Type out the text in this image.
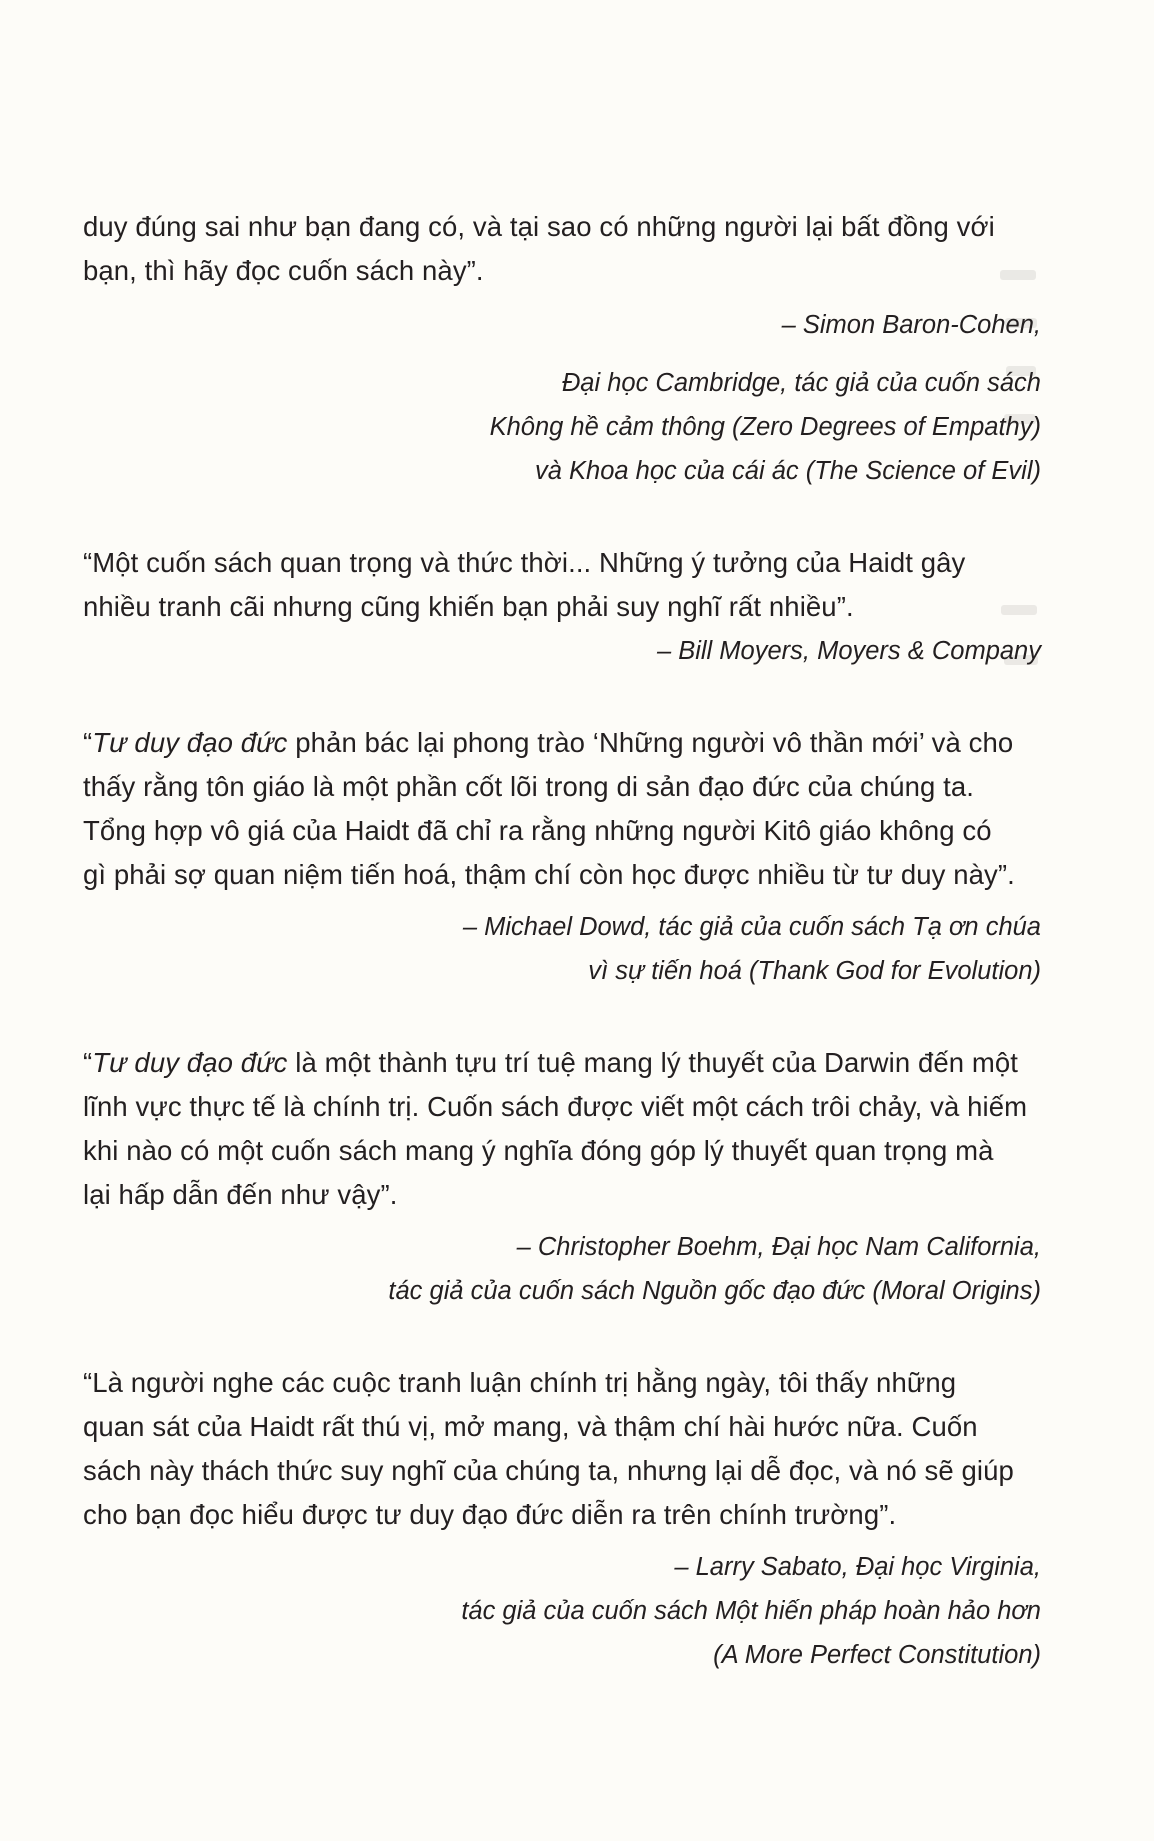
duy đúng sai như bạn đang có, và tại sao có những người lại bất đồng với
bạn, thì hãy đọc cuốn sách này”.
– Simon Baron-Cohen,
Đại học Cambridge, tác giả của cuốn sách
Không hề cảm thông (Zero Degrees of Empathy)
và Khoa học của cái ác (The Science of Evil)
“Một cuốn sách quan trọng và thức thời... Những ý tưởng của Haidt gây
nhiều tranh cãi nhưng cũng khiến bạn phải suy nghĩ rất nhiều”.
– Bill Moyers, Moyers & Company
“Tư duy đạo đức phản bác lại phong trào ‘Những người vô thần mới’ và cho
thấy rằng tôn giáo là một phần cốt lõi trong di sản đạo đức của chúng ta.
Tổng hợp vô giá của Haidt đã chỉ ra rằng những người Kitô giáo không có
gì phải sợ quan niệm tiến hoá, thậm chí còn học được nhiều từ tư duy này”.
– Michael Dowd, tác giả của cuốn sách Tạ ơn chúa
vì sự tiến hoá (Thank God for Evolution)
“Tư duy đạo đức là một thành tựu trí tuệ mang lý thuyết của Darwin đến một
lĩnh vực thực tế là chính trị. Cuốn sách được viết một cách trôi chảy, và hiếm
khi nào có một cuốn sách mang ý nghĩa đóng góp lý thuyết quan trọng mà
lại hấp dẫn đến như vậy”.
– Christopher Boehm, Đại học Nam California,
tác giả của cuốn sách Nguồn gốc đạo đức (Moral Origins)
“Là người nghe các cuộc tranh luận chính trị hằng ngày, tôi thấy những
quan sát của Haidt rất thú vị, mở mang, và thậm chí hài hước nữa. Cuốn
sách này thách thức suy nghĩ của chúng ta, nhưng lại dễ đọc, và nó sẽ giúp
cho bạn đọc hiểu được tư duy đạo đức diễn ra trên chính trường”.
– Larry Sabato, Đại học Virginia,
tác giả của cuốn sách Một hiến pháp hoàn hảo hơn
(A More Perfect Constitution)
